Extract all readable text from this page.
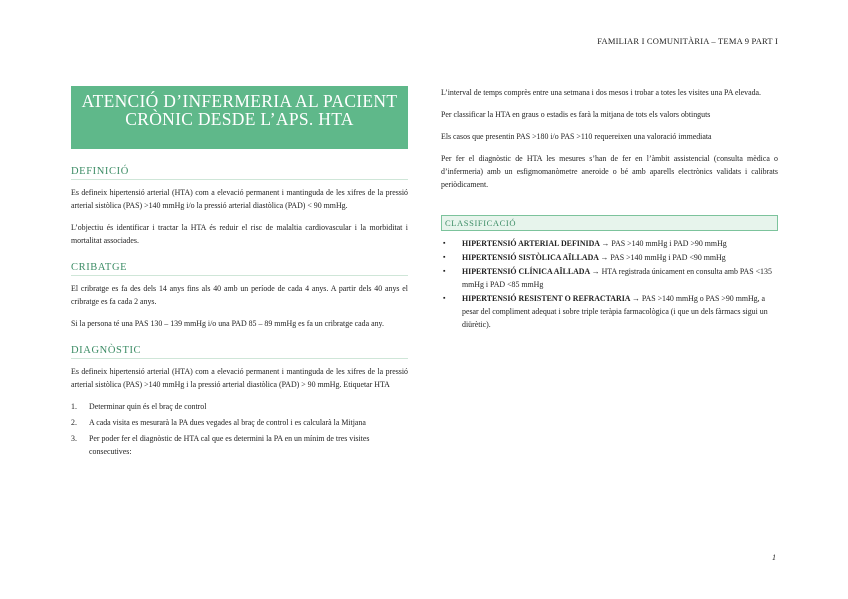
FAMILIAR I COMUNITÀRIA – TEMA 9 PART I
ATENCIÓ D’INFERMERIA AL PACIENT CRÒNIC DESDE L’APS. HTA
DEFINICIÓ

Es defineix hipertensió arterial (HTA) com a elevació permanent i mantinguda de les xifres de la pressió arterial sistòlica (PAS) >140 mmHg i/o la pressió arterial diastòlica (PAD) < 90 mmHg.

L’objectiu és identificar i tractar la HTA és reduir el risc de malaltia cardiovascular i la morbiditat i mortalitat associades.

CRIBATGE

El cribratge es fa des dels 14 anys fins als 40 amb un període de cada 4 anys. A partir dels 40 anys el cribratge es fa cada 2 anys.

Si la persona té una PAS 130 – 139 mmHg i/o una PAD 85 – 89 mmHg es fa un cribratge cada any.

DIAGNÒSTIC

Es defineix hipertensió arterial (HTA) com a elevació permanent i mantinguda de les xifres de la pressió arterial sistòlica (PAS) >140 mmHg i la pressió arterial diastòlica (PAD) > 90 mmHg. Etiquetar HTA

1.	Determinar quin és el braç de control
2.	A cada visita es mesurarà la PA dues vegades al braç de control i es calcularà la Mitjana
3.	Per poder fer el diagnòstic de HTA cal que es determini la PA en un mínim de tres visites consecutives:

L’interval de temps comprès entre una setmana i dos mesos i trobar a totes les visites una PA elevada.

Per classificar la HTA en graus o estadis es farà la mitjana de tots els valors obtinguts

Els casos que presentin PAS >180 i/o PAS >110 requereixen una valoració immediata

Per fer el diagnòstic de HTA les mesures s’han de fer en l’àmbit assistencial (consulta mèdica o d’infermeria) amb un esfigmomanòmetre aneroide o bé amb aparells electrònics validats i calibrats periòdicament.

CLASSIFICACIÓ
▪	HIPERTENSIÓ ARTERIAL DEFINIDA → PAS >140 mmHg i PAD >90 mmHg
▪	HIPERTENSIÓ SISTÒLICA AÏLLADA → PAS >140 mmHg i PAD <90 mmHg
▪	HIPERTENSIÓ CLÍNICA AÏLLADA → HTA registrada únicament en consulta amb PAS <135 mmHg i PAD <85 mmHg
▪	HIPERTENSIÓ RESISTENT O REFRACTARIA → PAS >140 mmHg o PAS >90 mmHg, a pesar del compliment adequat i sobre triple teràpia farmacològica (i que un dels fàrmacs sigui un diürètic).
1
